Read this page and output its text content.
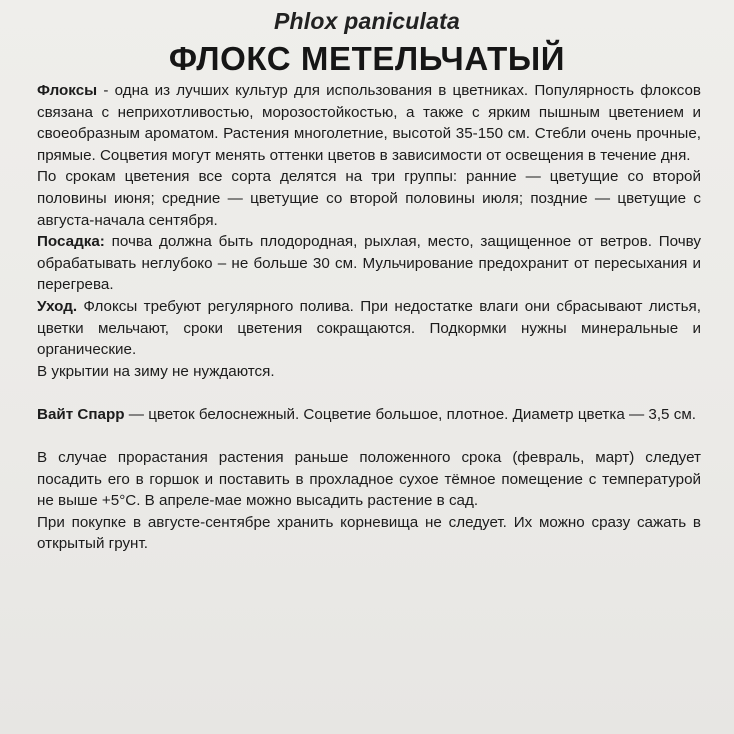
Phlox paniculata
ФЛОКС МЕТЕЛЬЧАТЫЙ

Флоксы - одна из лучших культур для использования в цветниках. Популярность флоксов связана с неприхотливостью, морозостойкостью, а также с ярким пышным цветением и своеобразным ароматом. Растения многолетние, высотой 35-150 см. Стебли очень прочные, прямые. Соцветия могут менять оттенки цветов в зависимости от освещения в течение дня.

По срокам цветения все сорта делятся на три группы: ранние — цветущие со второй половины июня; средние — цветущие со второй половины июля; поздние — цветущие с августа-начала сентября.

Посадка: почва должна быть плодородная, рыхлая, место, защищенное от ветров. Почву обрабатывать неглубоко – не больше 30 см. Мульчирование предохранит от пересыхания и перегрева.

Уход. Флоксы требуют регулярного полива. При недостатке влаги они сбрасывают листья, цветки мельчают, сроки цветения сокращаются. Подкормки нужны минеральные и органические.

В укрытии на зиму не нуждаются.

Вайт Спарр — цветок белоснежный. Соцветие большое, плотное. Диаметр цветка — 3,5 см.

В случае прорастания растения раньше положенного срока (февраль, март) следует посадить его в горшок и поставить в прохладное сухое тёмное помещение с температурой не выше +5°С. В апреле-мае можно высадить растение в сад.

При покупке в августе-сентябре хранить корневища не следует. Их можно сразу сажать в открытый грунт.
